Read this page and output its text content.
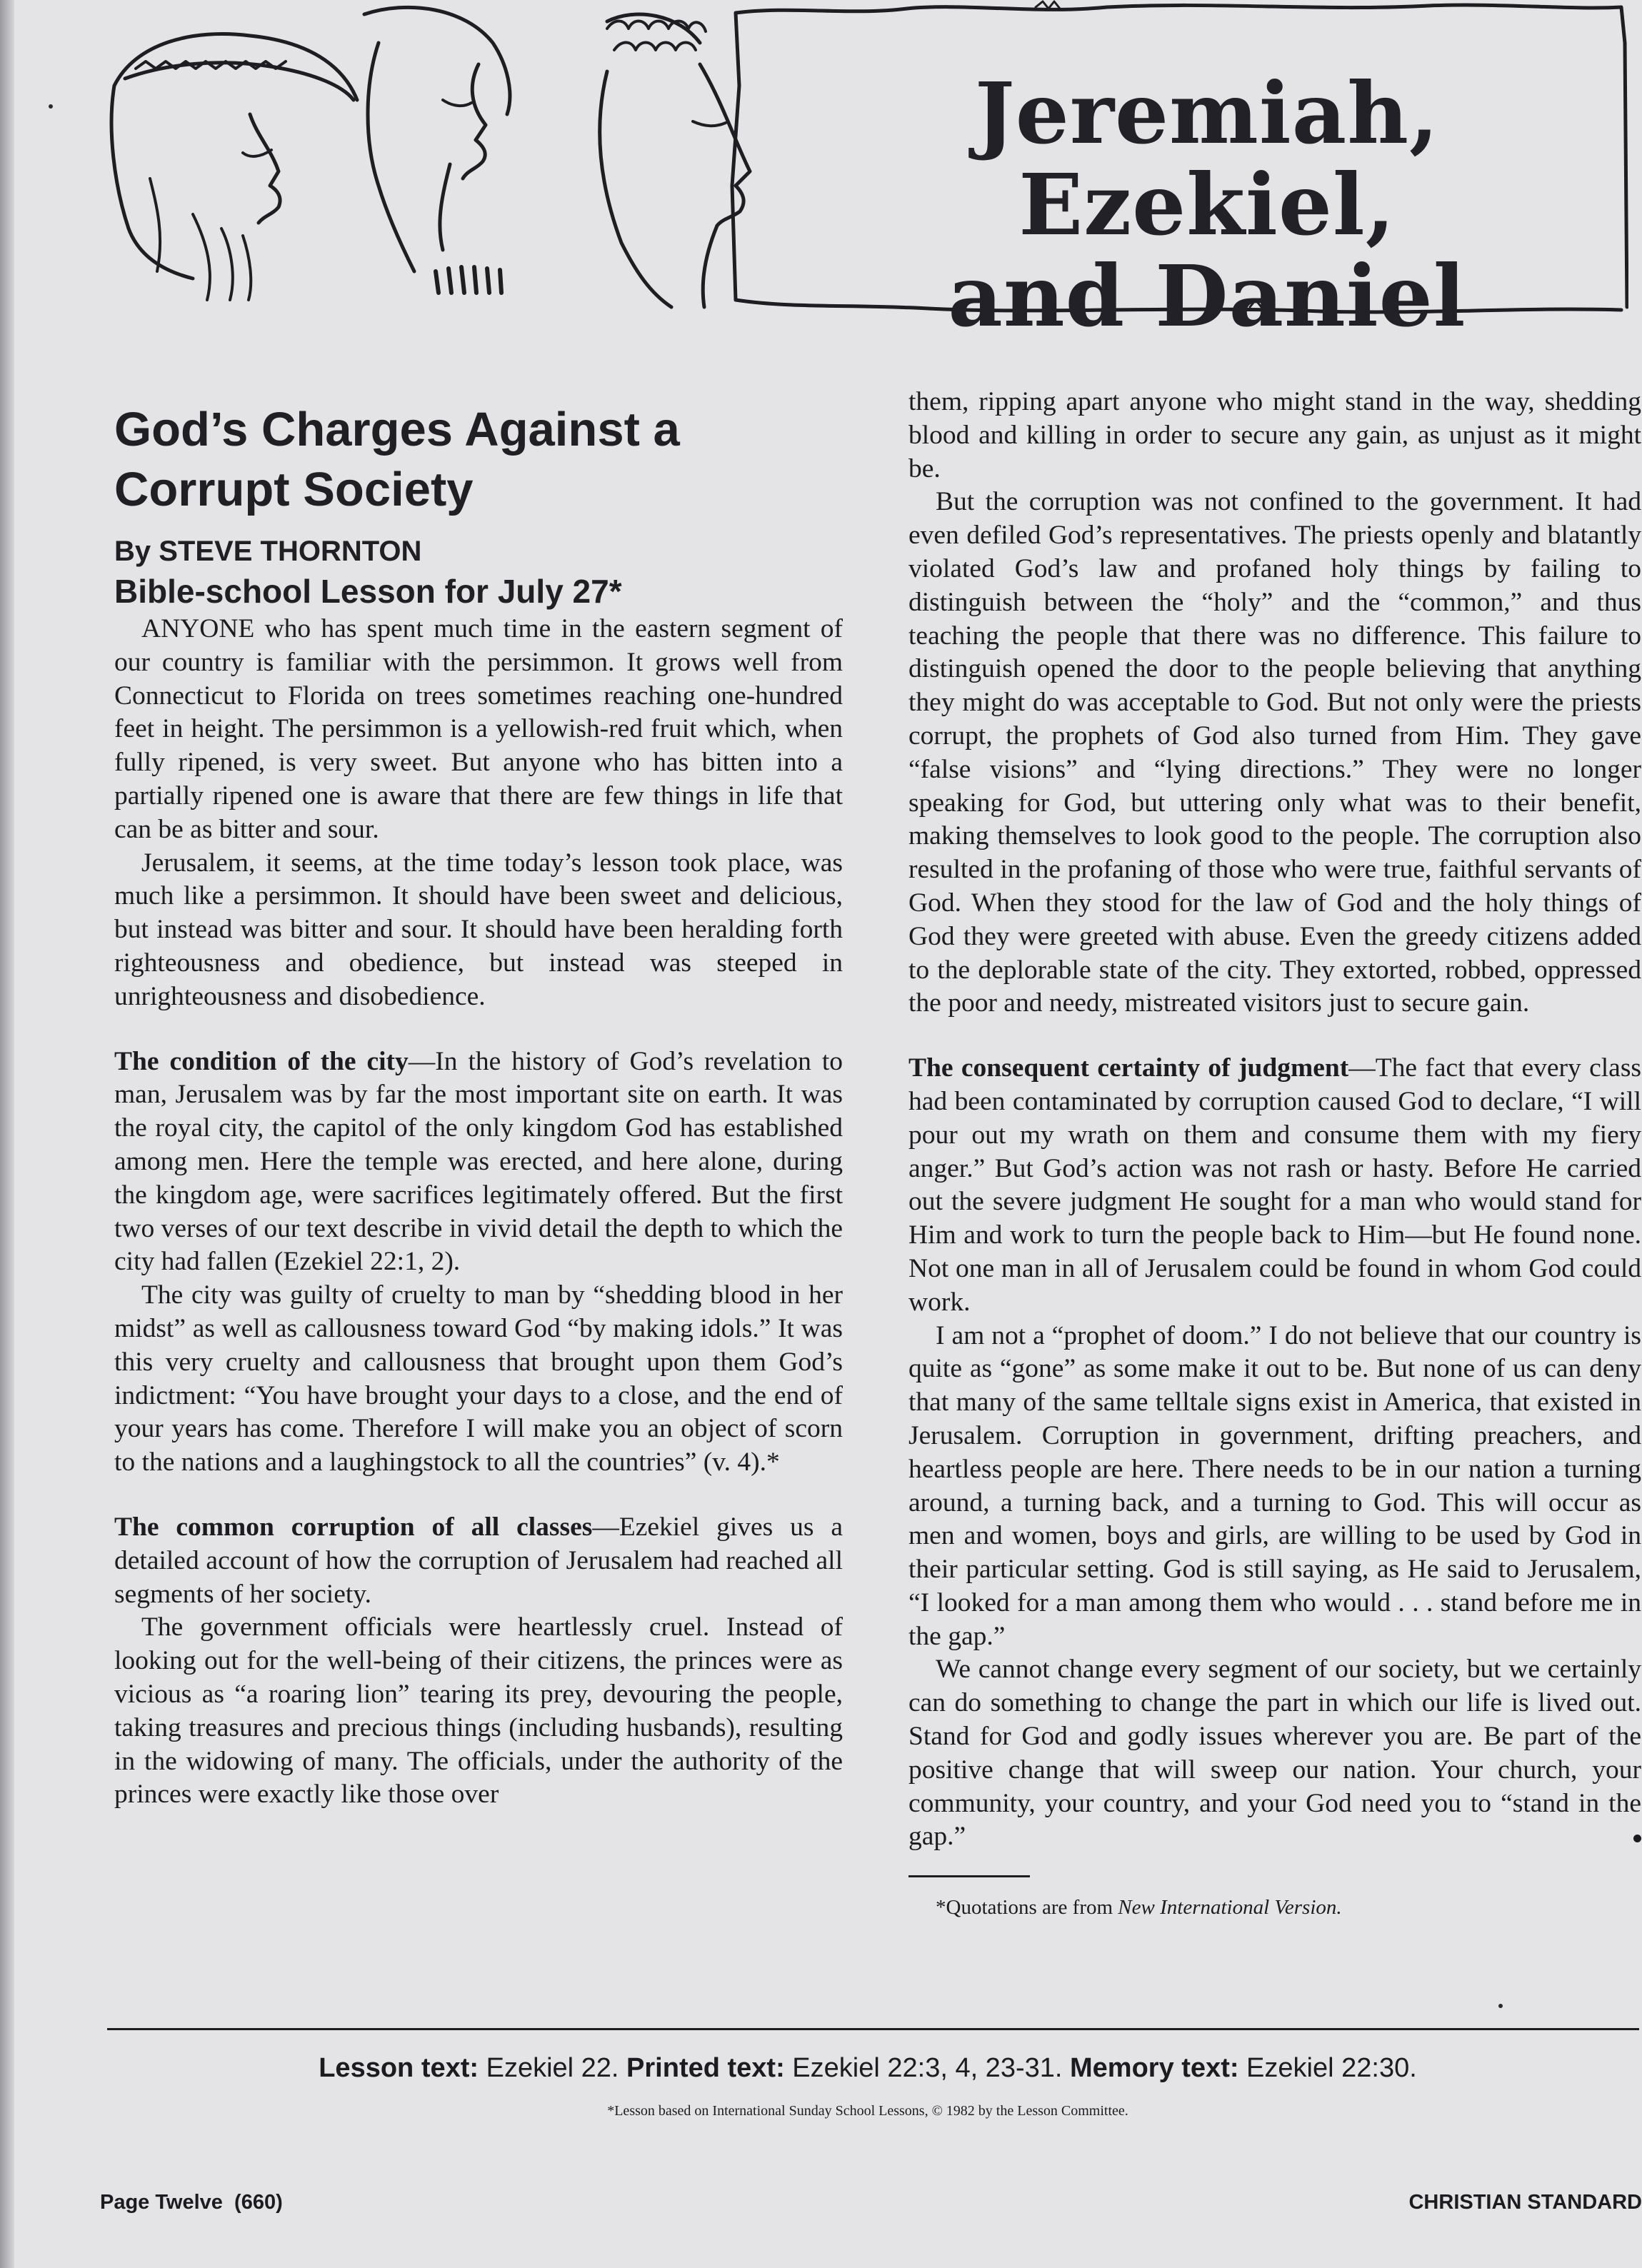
Jeremiah, Ezekiel,
and Daniel
God’s Charges Against a
Corrupt Society

By STEVE THORNTON

Bible-school Lesson for July 27*

ANYONE who has spent much time in the eastern segment of our country is familiar with the persimmon. It grows well from Connecticut to Florida on trees sometimes reaching one-hundred feet in height. The persimmon is a yellowish-red fruit which, when fully ripened, is very sweet. But anyone who has bitten into a partially ripened one is aware that there are few things in life that can be as bitter and sour.

Jerusalem, it seems, at the time today’s lesson took place, was much like a persimmon. It should have been sweet and delicious, but instead was bitter and sour. It should have been heralding forth righteousness and obedience, but instead was steeped in unrighteousness and disobedience.

The condition of the city—In the history of God’s revelation to man, Jerusalem was by far the most important site on earth. It was the royal city, the capitol of the only kingdom God has established among men. Here the temple was erected, and here alone, during the kingdom age, were sacrifices legitimately offered. But the first two verses of our text describe in vivid detail the depth to which the city had fallen (Ezekiel 22:1, 2).

The city was guilty of cruelty to man by “shedding blood in her midst” as well as callousness toward God “by making idols.” It was this very cruelty and callousness that brought upon them God’s indictment: “You have brought your days to a close, and the end of your years has come. Therefore I will make you an object of scorn to the nations and a laughingstock to all the countries” (v. 4).*

The common corruption of all classes—Ezekiel gives us a detailed account of how the corruption of Jerusalem had reached all segments of her society.

The government officials were heartlessly cruel. Instead of looking out for the well-being of their citizens, the princes were as vicious as “a roaring lion” tearing its prey, devouring the people, taking treasures and precious things (including husbands), resulting in the widowing of many. The officials, under the authority of the princes were exactly like those over

them, ripping apart anyone who might stand in the way, shedding blood and killing in order to secure any gain, as unjust as it might be.

But the corruption was not confined to the government. It had even defiled God’s representatives. The priests openly and blatantly violated God’s law and profaned holy things by failing to distinguish between the “holy” and the “common,” and thus teaching the people that there was no difference. This failure to distinguish opened the door to the people believing that anything they might do was acceptable to God. But not only were the priests corrupt, the prophets of God also turned from Him. They gave “false visions” and “lying directions.” They were no longer speaking for God, but uttering only what was to their benefit, making themselves to look good to the people. The corruption also resulted in the profaning of those who were true, faithful servants of God. When they stood for the law of God and the holy things of God they were greeted with abuse. Even the greedy citizens added to the deplorable state of the city. They extorted, robbed, oppressed the poor and needy, mistreated visitors just to secure gain.

The consequent certainty of judgment—The fact that every class had been contaminated by corruption caused God to declare, “I will pour out my wrath on them and consume them with my fiery anger.” But God’s action was not rash or hasty. Before He carried out the severe judgment He sought for a man who would stand for Him and work to turn the people back to Him—but He found none. Not one man in all of Jerusalem could be found in whom God could work.

I am not a “prophet of doom.” I do not believe that our country is quite as “gone” as some make it out to be. But none of us can deny that many of the same telltale signs exist in America, that existed in Jerusalem. Corruption in government, drifting preachers, and heartless people are here. There needs to be in our nation a turning around, a turning back, and a turning to God. This will occur as men and women, boys and girls, are willing to be used by God in their particular setting. God is still saying, as He said to Jerusalem, “I looked for a man among them who would . . . stand before me in the gap.”

We cannot change every segment of our society, but we certainly can do something to change the part in which our life is lived out. Stand for God and godly issues wherever you are. Be part of the positive change that will sweep our nation. Your church, your community, your country, and your God need you to “stand in the gap.”

*Quotations are from New International Version.

Lesson text: Ezekiel 22. Printed text: Ezekiel 22:3, 4, 23-31. Memory text: Ezekiel 22:30.
*Lesson based on International Sunday School Lessons, © 1982 by the Lesson Committee.
Page Twelve  (660)	CHRISTIAN STANDARD
